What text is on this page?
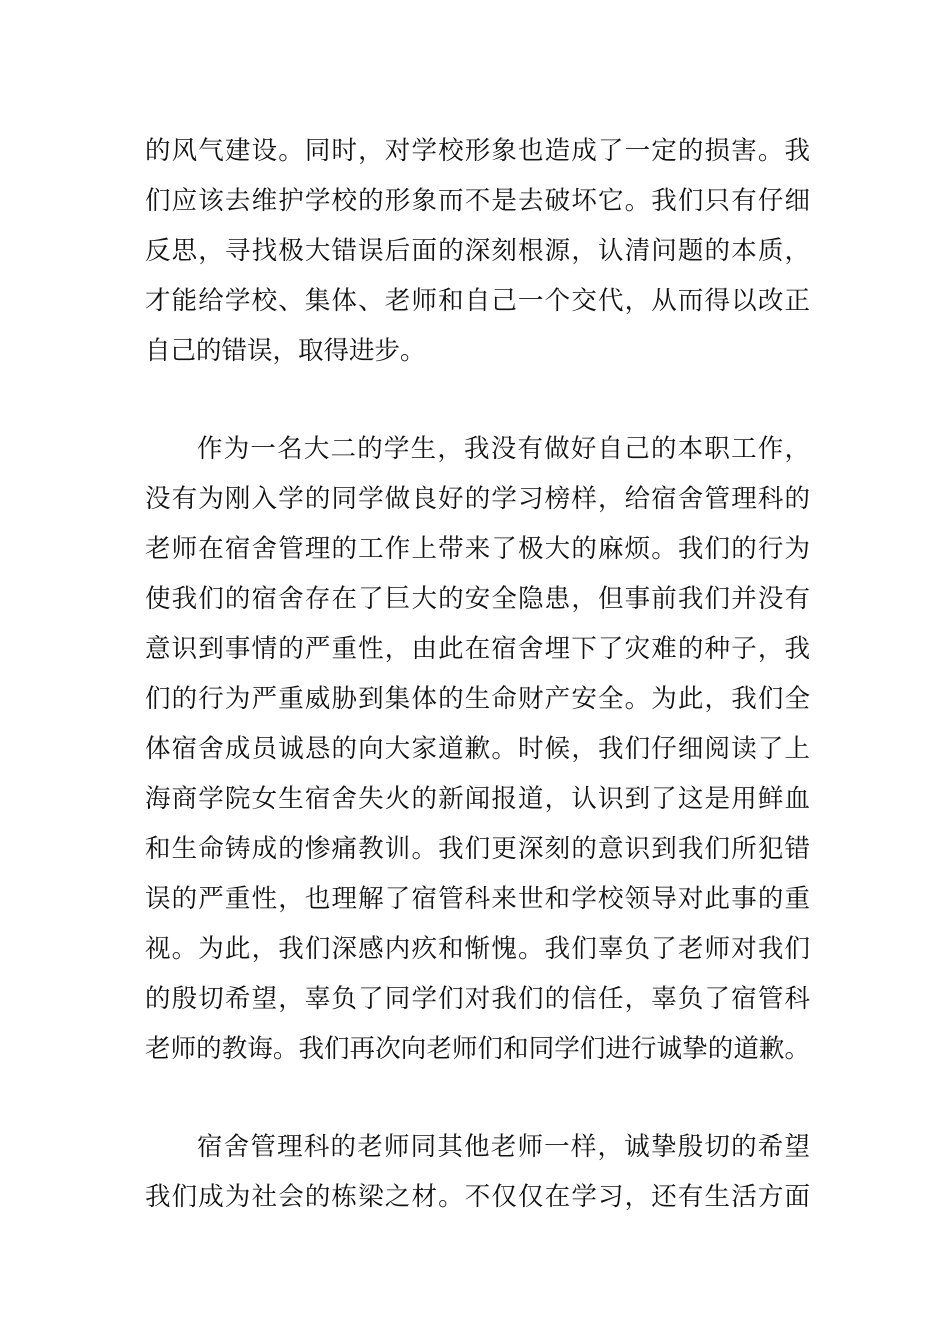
的风气建设。同时，对学校形象也造成了一定的损害。我

们应该去维护学校的形象而不是去破坏它。我们只有仔细

反思，寻找极大错误后面的深刻根源，认清问题的本质，

才能给学校、集体、老师和自己一个交代，从而得以改正

自己的错误，取得进步。

作为一名大二的学生，我没有做好自己的本职工作，

没有为刚入学的同学做良好的学习榜样，给宿舍管理科的

老师在宿舍管理的工作上带来了极大的麻烦。我们的行为

使我们的宿舍存在了巨大的安全隐患，但事前我们并没有

意识到事情的严重性，由此在宿舍埋下了灾难的种子，我

们的行为严重威胁到集体的生命财产安全。为此，我们全

体宿舍成员诚恳的向大家道歉。时候，我们仔细阅读了上

海商学院女生宿舍失火的新闻报道，认识到了这是用鲜血

和生命铸成的惨痛教训。我们更深刻的意识到我们所犯错

误的严重性，也理解了宿管科来世和学校领导对此事的重

视。为此，我们深感内疚和惭愧。我们辜负了老师对我们

的殷切希望，辜负了同学们对我们的信任，辜负了宿管科

老师的教诲。我们再次向老师们和同学们进行诚挚的道歉。

宿舍管理科的老师同其他老师一样，诚挚殷切的希望

我们成为社会的栋梁之材。不仅仅在学习，还有生活方面
